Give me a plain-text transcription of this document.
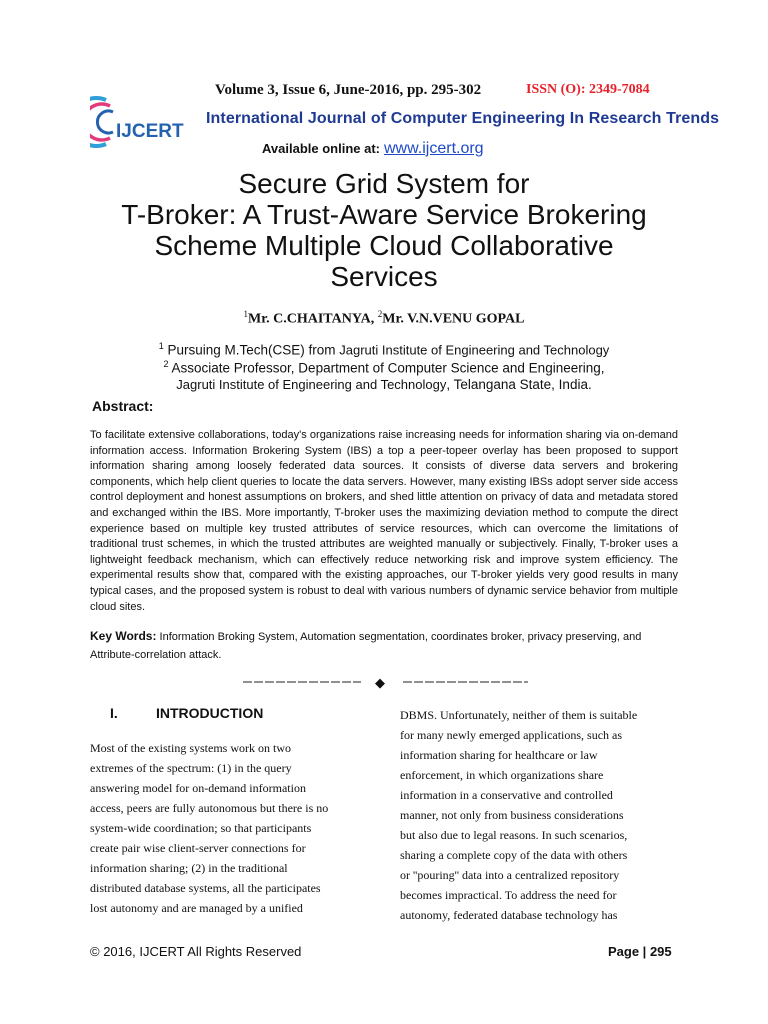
IJCERT
Volume 3, Issue 6, June-2016, pp. 295-302	ISSN (O): 2349-7084
International Journal of Computer Engineering In Research Trends
Available online at: www.ijcert.org
Secure Grid System for
T-Broker: A Trust-Aware Service Brokering
Scheme Multiple Cloud Collaborative
Services
$^1$Mr. C.CHAITANYA, $^2$Mr. V.N.VENU GOPAL
$^1$ Pursuing M.Tech(CSE) from Jagruti Institute of Engineering and Technology
$^2$ Associate Professor, Department of Computer Science and Engineering,
Jagruti Institute of Engineering and Technology, Telangana State, India.
Abstract:
To facilitate extensive collaborations, today's organizations raise increasing needs for information sharing via on-demand information access. Information Brokering System (IBS) a top a peer-topeer overlay has been proposed to support information sharing among loosely federated data sources. It consists of diverse data servers and brokering components, which help client queries to locate the data servers. However, many existing IBSs adopt server side access control deployment and honest assumptions on brokers, and shed little attention on privacy of data and metadata stored and exchanged within the IBS. More importantly, T-broker uses the maximizing deviation method to compute the direct experience based on multiple key trusted attributes of service resources, which can overcome the limitations of traditional trust schemes, in which the trusted attributes are weighted manually or subjectively. Finally, T-broker uses a lightweight feedback mechanism, which can effectively reduce networking risk and improve system efficiency. The experimental results show that, compared with the existing approaches, our T-broker yields very good results in many typical cases, and the proposed system is robust to deal with various numbers of dynamic service behavior from multiple cloud sites.
Key Words: Information Broking System, Automation segmentation, coordinates broker, privacy preserving, and Attribute-correlation attack.
◆
I.	INTRODUCTION
Most of the existing systems work on two
extremes of the spectrum: (1) in the query
answering model for on-demand information
access, peers are fully autonomous but there is no
system-wide coordination; so that participants
create pair wise client-server connections for
information sharing; (2) in the traditional
distributed database systems, all the participates
lost autonomy and are managed by a unified
DBMS. Unfortunately, neither of them is suitable
for many newly emerged applications, such as
information sharing for healthcare or law
enforcement, in which organizations share
information in a conservative and controlled
manner, not only from business considerations
but also due to legal reasons. In such scenarios,
sharing a complete copy of the data with others
or ''pouring'' data into a centralized repository
becomes impractical. To address the need for
autonomy, federated database technology has
© 2016, IJCERT All Rights Reserved	Page | 295
